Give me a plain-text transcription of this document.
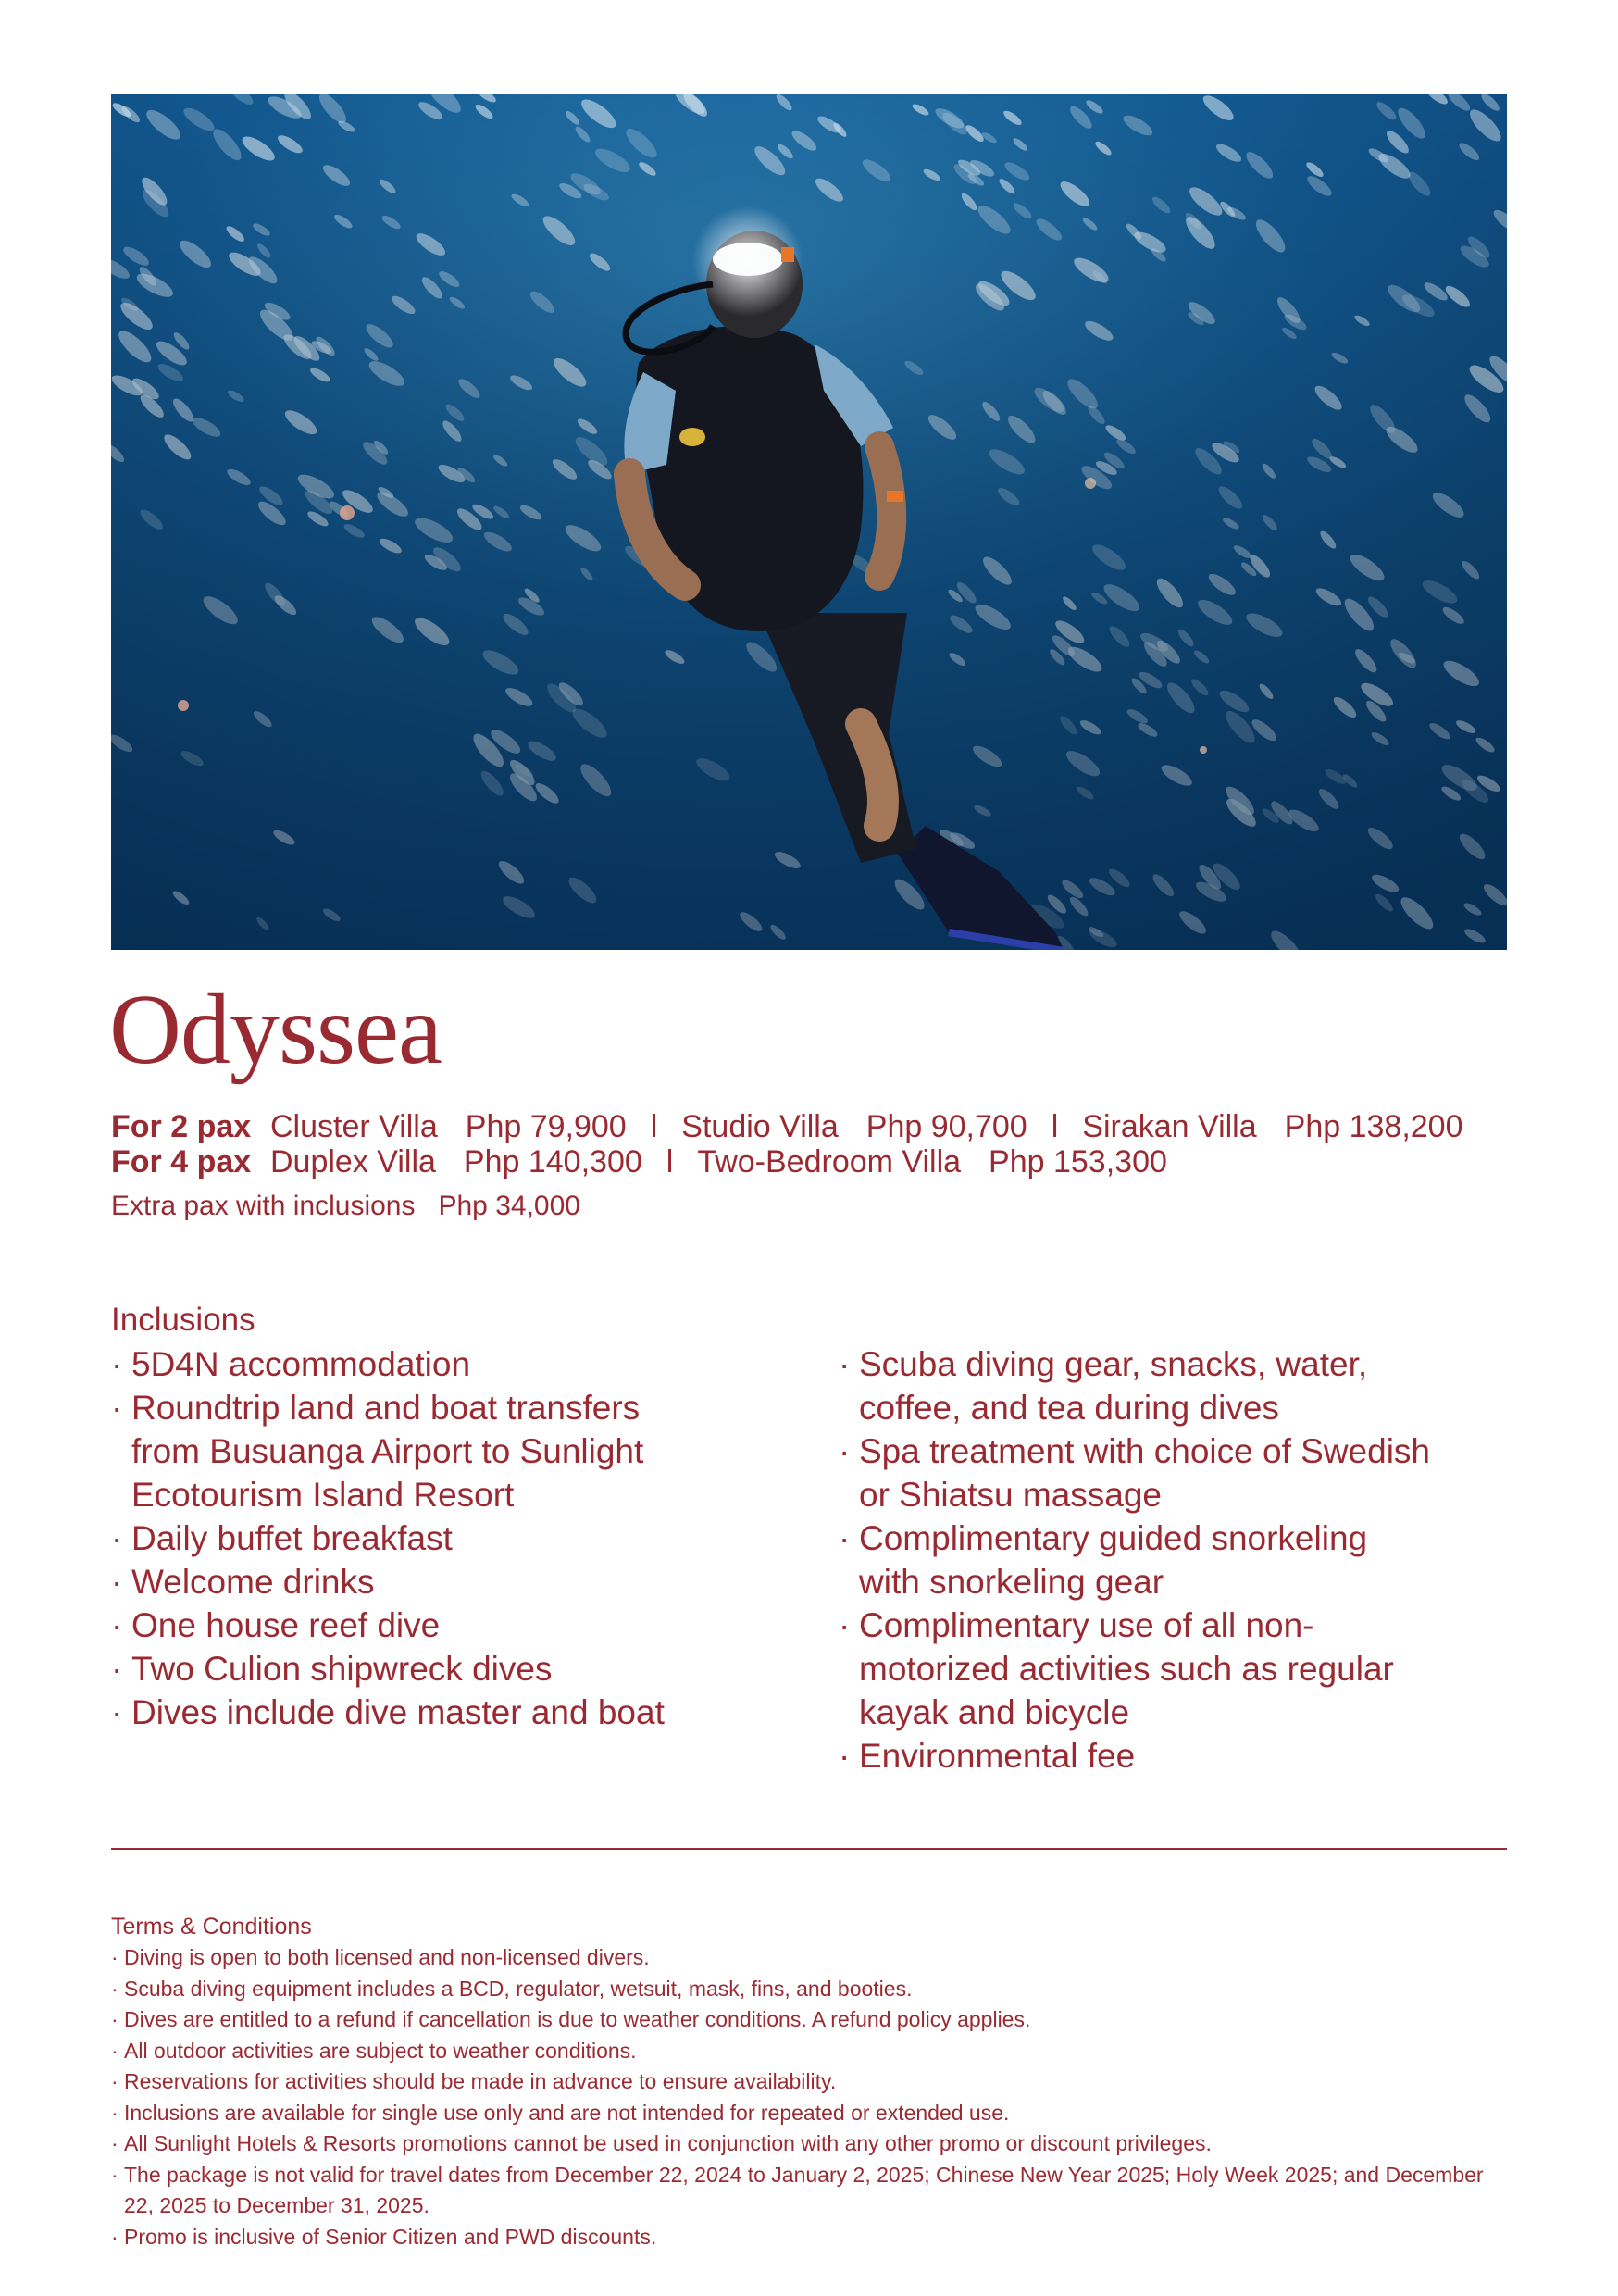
Odyssea
For 2 pax Cluster Villa Php 79,900 l Studio Villa Php 90,700 l Sirakan Villa Php 138,200
For 4 pax Duplex Villa Php 140,300 l Two-Bedroom Villa Php 153,300
Extra pax with inclusions   Php 34,000
Inclusions
· 5D4N accommodation
· Roundtrip land and boat transfers from Busuanga Airport to Sunlight Ecotourism Island Resort
· Daily buffet breakfast
· Welcome drinks
· One house reef dive
· Two Culion shipwreck dives
· Dives include dive master and boat
· Scuba diving gear, snacks, water, coffee, and tea during dives
· Spa treatment with choice of Swedish or Shiatsu massage
· Complimentary guided snorkeling with snorkeling gear
· Complimentary use of all non-motorized activities such as regular kayak and bicycle
· Environmental fee
Terms & Conditions
· Diving is open to both licensed and non-licensed divers.
· Scuba diving equipment includes a BCD, regulator, wetsuit, mask, fins, and booties.
· Dives are entitled to a refund if cancellation is due to weather conditions. A refund policy applies.
· All outdoor activities are subject to weather conditions.
· Reservations for activities should be made in advance to ensure availability.
· Inclusions are available for single use only and are not intended for repeated or extended use.
· All Sunlight Hotels & Resorts promotions cannot be used in conjunction with any other promo or discount privileges.
· The package is not valid for travel dates from December 22, 2024 to January 2, 2025; Chinese New Year 2025; Holy Week 2025; and December 22, 2025 to December 31, 2025.
· Promo is inclusive of Senior Citizen and PWD discounts.
